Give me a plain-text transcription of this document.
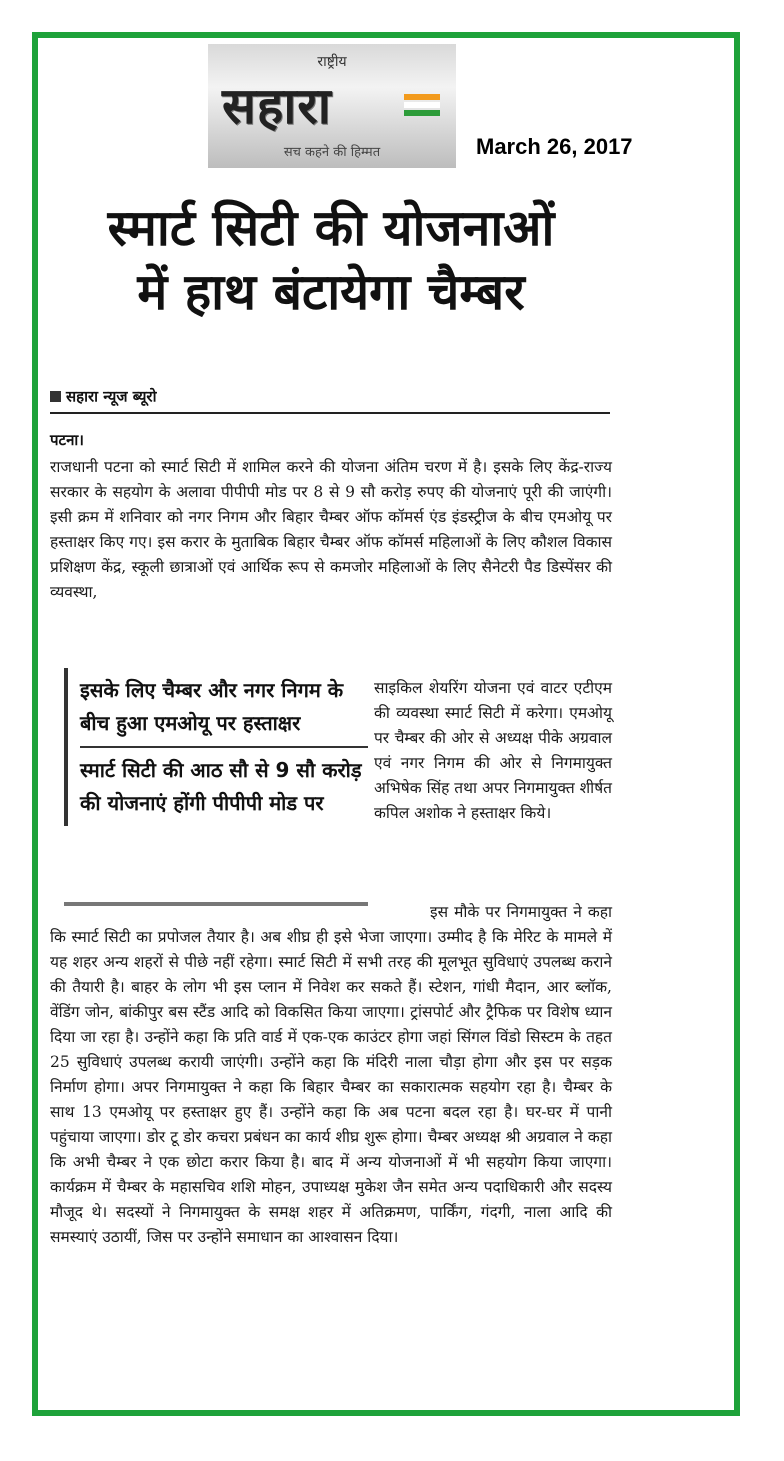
राष्ट्रीय
सहारा
सच कहने की हिम्मत	March 26, 2017
स्मार्ट सिटी की योजनाओं
में हाथ बंटायेगा चैम्बर
सहारा न्यूज ब्यूरो
पटना।
राजधानी पटना को स्मार्ट सिटी में शामिल करने की योजना अंतिम चरण में है। इसके लिए केंद्र-राज्य सरकार के सहयोग के अलावा पीपीपी मोड पर 8 से 9 सौ करोड़ रुपए की योजनाएं पूरी की जाएंगी। इसी क्रम में शनिवार को नगर निगम और बिहार चैम्बर ऑफ कॉमर्स एंड इंडस्ट्रीज के बीच एमओयू पर हस्ताक्षर किए गए। इस करार के मुताबिक बिहार चैम्बर ऑफ कॉमर्स महिलाओं के लिए कौशल विकास प्रशिक्षण केंद्र, स्कूली छात्राओं एवं आर्थिक रूप से कमजोर महिलाओं के लिए सैनेटरी पैड डिस्पेंसर की व्यवस्था,
इसके लिए चैम्बर और नगर निगम के बीच हुआ एमओयू पर हस्ताक्षर
स्मार्ट सिटी की आठ सौ से 9 सौ करोड़ की योजनाएं होंगी पीपीपी मोड पर
साइकिल शेयरिंग योजना एवं वाटर एटीएम की व्यवस्था स्मार्ट सिटी में करेगा। एमओयू पर चैम्बर की ओर से अध्यक्ष पीके अग्रवाल एवं नगर निगम की ओर से निगमायुक्त अभिषेक सिंह तथा अपर निगमायुक्त शीर्षत कपिल अशोक ने हस्ताक्षर किये।
इस मौके पर निगमायुक्त ने कहा कि स्मार्ट सिटी का प्रपोजल तैयार है। अब शीघ्र ही इसे भेजा जाएगा। उम्मीद है कि मेरिट के मामले में यह शहर अन्य शहरों से पीछे नहीं रहेगा। स्मार्ट सिटी में सभी तरह की मूलभूत सुविधाएं उपलब्ध कराने की तैयारी है। बाहर के लोग भी इस प्लान में निवेश कर सकते हैं। स्टेशन, गांधी मैदान, आर ब्लॉक, वेंडिंग जोन, बांकीपुर बस स्टैंड आदि को विकसित किया जाएगा। ट्रांसपोर्ट और ट्रैफिक पर विशेष ध्यान दिया जा रहा है। उन्होंने कहा कि प्रति वार्ड में एक-एक काउंटर होगा जहां सिंगल विंडो सिस्टम के तहत 25 सुविधाएं उपलब्ध करायी जाएंगी। उन्होंने कहा कि मंदिरी नाला चौड़ा होगा और इस पर सड़क निर्माण होगा। अपर निगमायुक्त ने कहा कि बिहार चैम्बर का सकारात्मक सहयोग रहा है। चैम्बर के साथ 13 एमओयू पर हस्ताक्षर हुए हैं। उन्होंने कहा कि अब पटना बदल रहा है। घर-घर में पानी पहुंचाया जाएगा। डोर टू डोर कचरा प्रबंधन का कार्य शीघ्र शुरू होगा। चैम्बर अध्यक्ष श्री अग्रवाल ने कहा कि अभी चैम्बर ने एक छोटा करार किया है। बाद में अन्य योजनाओं में भी सहयोग किया जाएगा। कार्यक्रम में चैम्बर के महासचिव शशि मोहन, उपाध्यक्ष मुकेश जैन समेत अन्य पदाधिकारी और सदस्य मौजूद थे। सदस्यों ने निगमायुक्त के समक्ष शहर में अतिक्रमण, पार्किंग, गंदगी, नाला आदि की समस्याएं उठायीं, जिस पर उन्होंने समाधान का आश्वासन दिया।
